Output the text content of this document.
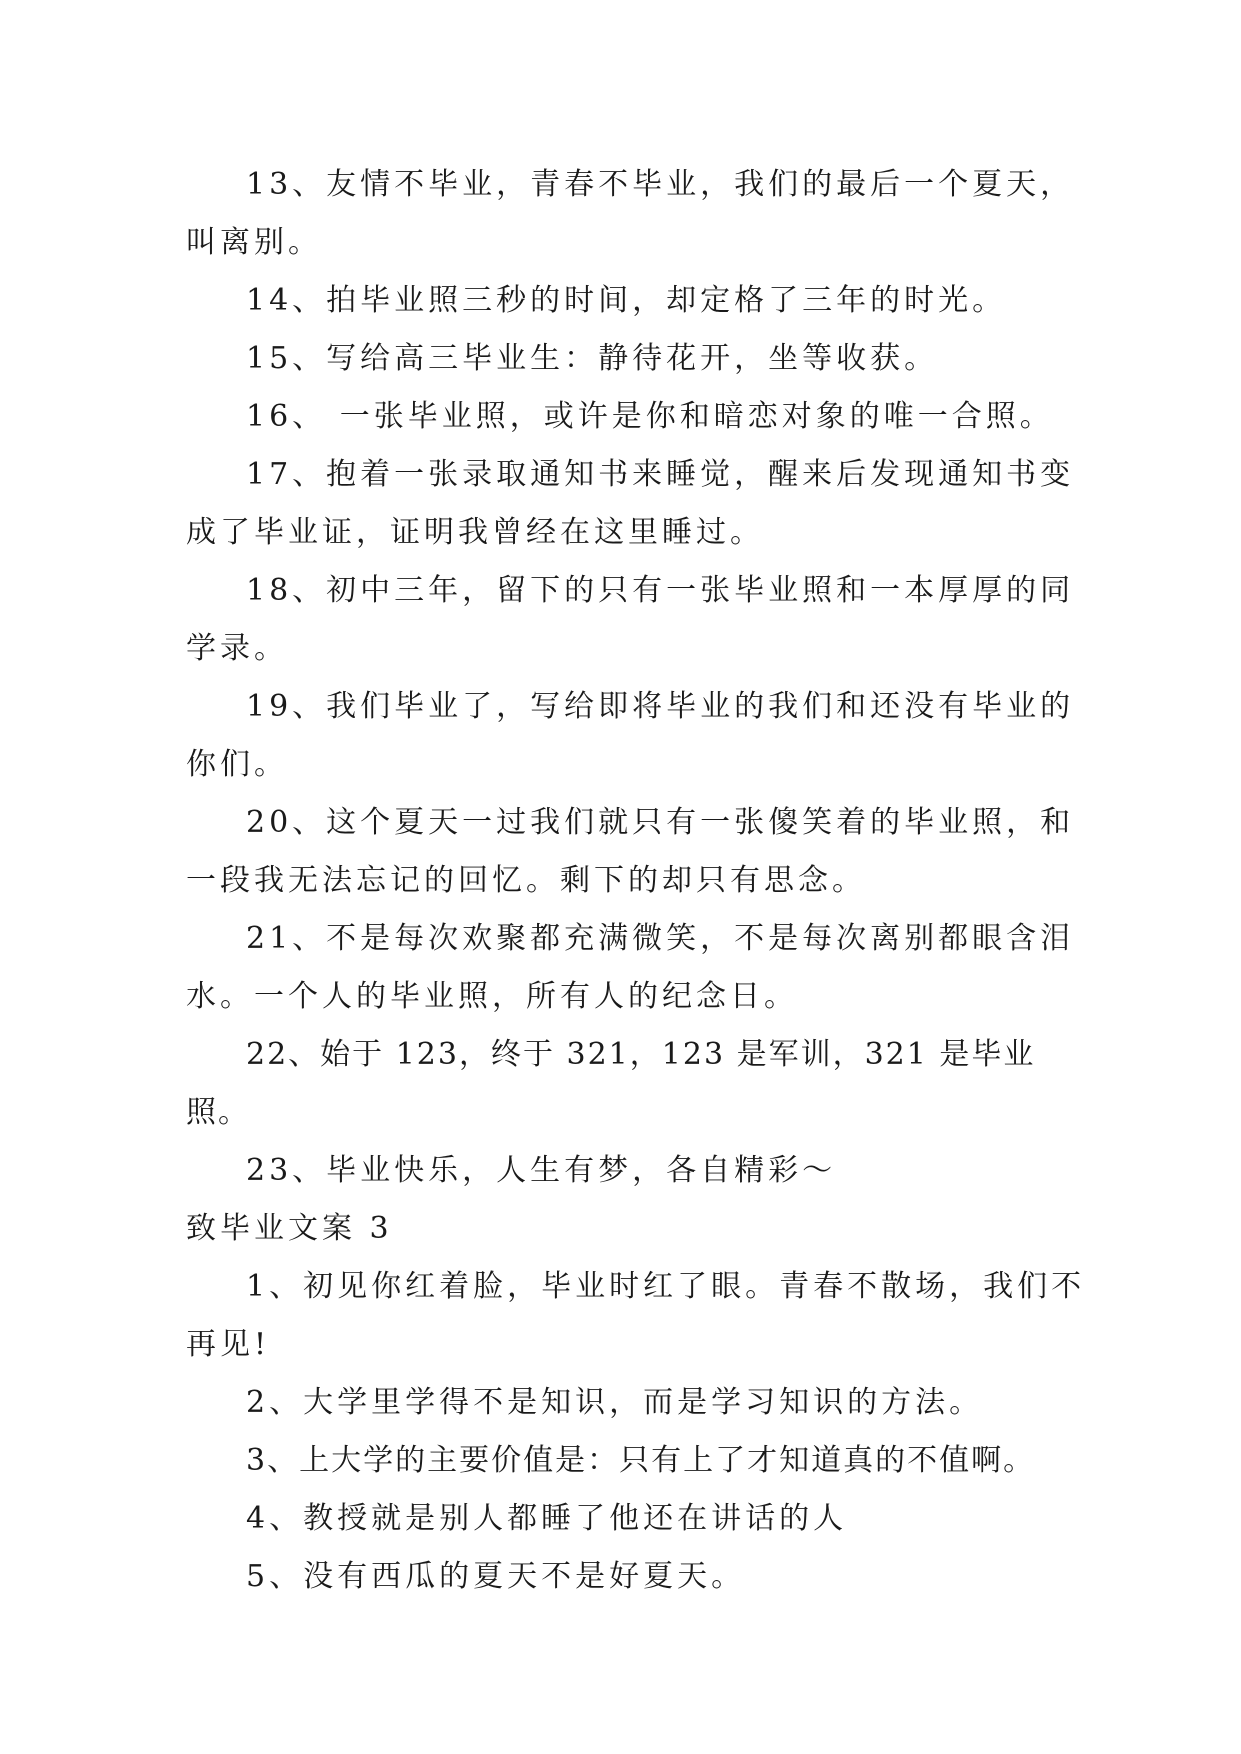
13、友情不毕业，青春不毕业，我们的最后一个夏天，叫离别。

14、拍毕业照三秒的时间，却定格了三年的时光。

15、写给高三毕业生：静待花开，坐等收获。

16、 一张毕业照，或许是你和暗恋对象的唯一合照。

17、抱着一张录取通知书来睡觉，醒来后发现通知书变成了毕业证，证明我曾经在这里睡过。

18、初中三年，留下的只有一张毕业照和一本厚厚的同学录。

19、我们毕业了，写给即将毕业的我们和还没有毕业的你们。

20、这个夏天一过我们就只有一张傻笑着的毕业照，和一段我无法忘记的回忆。剩下的却只有思念。

21、不是每次欢聚都充满微笑，不是每次离别都眼含泪水。一个人的毕业照，所有人的纪念日。

22、始于 123，终于 321，123 是军训，321 是毕业照。

23、毕业快乐，人生有梦，各自精彩～

致毕业文案 3

1、初见你红着脸，毕业时红了眼。青春不散场，我们不再见!

2、大学里学得不是知识，而是学习知识的方法。

3、上大学的主要价值是：只有上了才知道真的不值啊。

4、教授就是别人都睡了他还在讲话的人

5、没有西瓜的夏天不是好夏天。
